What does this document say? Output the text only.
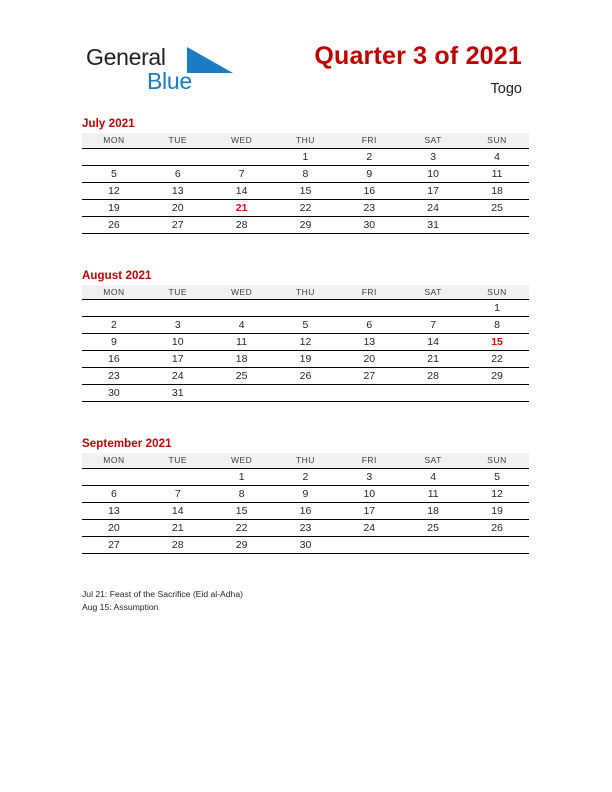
General
Blue
Quarter 3 of 2021
Togo
July 2021
MON	TUE	WED	THU	FRI	SAT	SUN
			1	2	3	4
5	6	7	8	9	10	11
12	13	14	15	16	17	18
19	20	21	22	23	24	25
26	27	28	29	30	31	
August 2021
MON	TUE	WED	THU	FRI	SAT	SUN
						1
2	3	4	5	6	7	8
9	10	11	12	13	14	15
16	17	18	19	20	21	22
23	24	25	26	27	28	29
30	31					
September 2021
MON	TUE	WED	THU	FRI	SAT	SUN
		1	2	3	4	5
6	7	8	9	10	11	12
13	14	15	16	17	18	19
20	21	22	23	24	25	26
27	28	29	30			
Jul 21: Feast of the Sacrifice (Eid al-Adha)
Aug 15: Assumption
